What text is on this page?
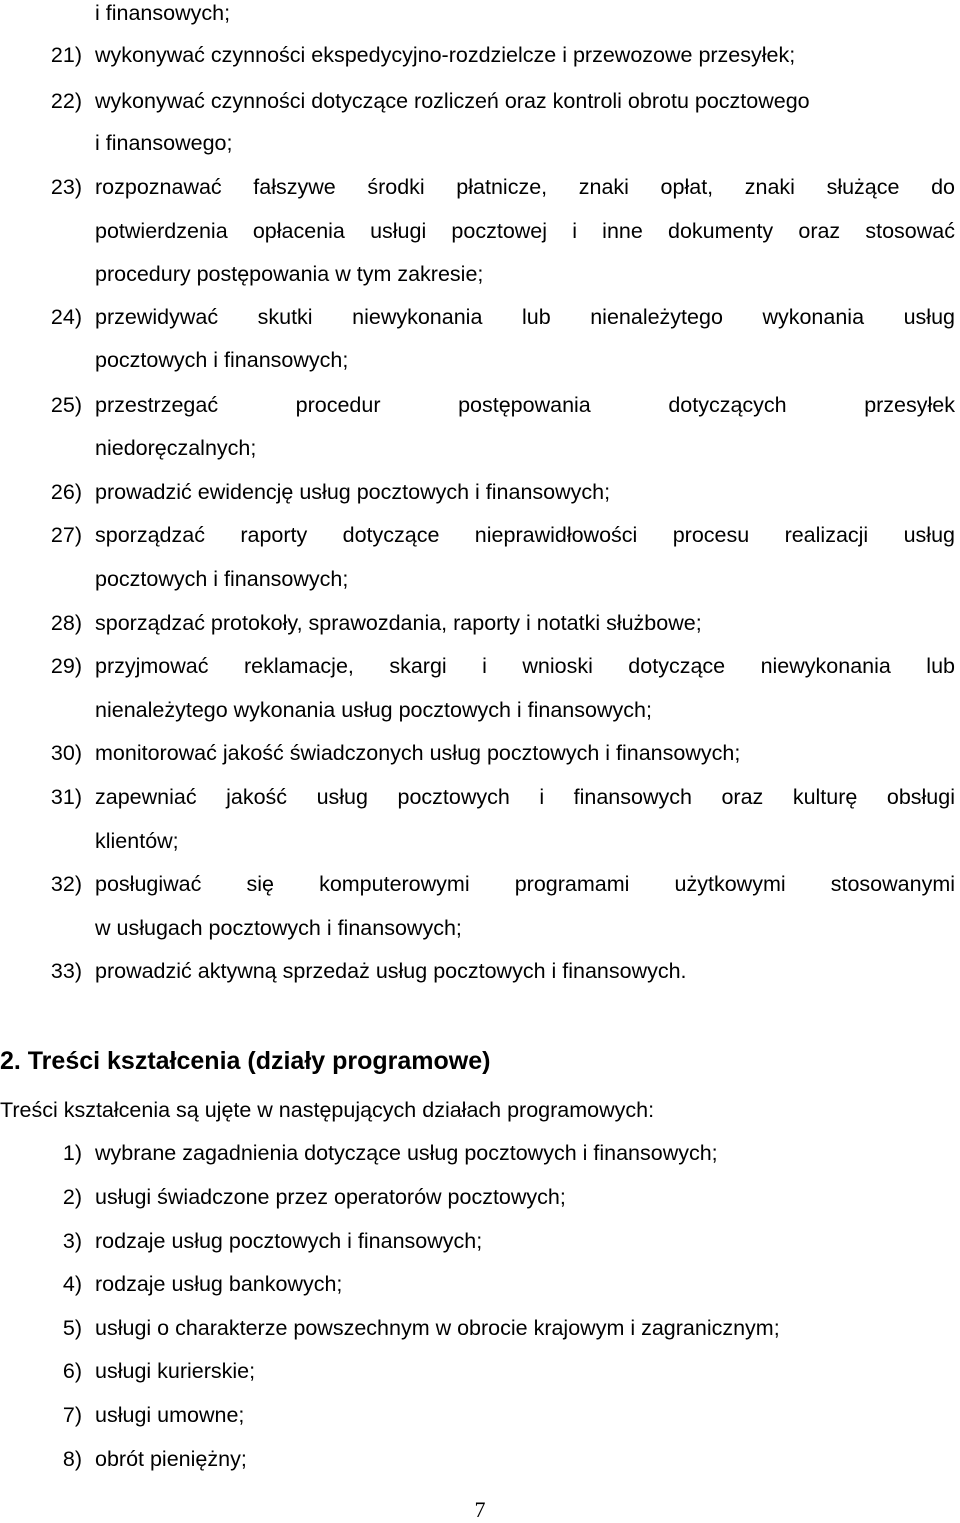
i finansowych;
21) wykonywać czynności ekspedycyjno-rozdzielcze i przewozowe przesyłek;
22) wykonywać czynności dotyczące rozliczeń oraz kontroli obrotu pocztowego
i finansowego;
23) rozpoznawać fałszywe środki płatnicze, znaki opłat, znaki służące do
potwierdzenia opłacenia usługi pocztowej i inne dokumenty oraz stosować
procedury postępowania w tym zakresie;
24) przewidywać skutki niewykonania lub nienależytego wykonania usług
pocztowych i finansowych;
25) przestrzegać procedur postępowania dotyczących przesyłek
niedoręczalnych;
26) prowadzić ewidencję usług pocztowych i finansowych;
27) sporządzać raporty dotyczące nieprawidłowości procesu realizacji usług
pocztowych i finansowych;
28) sporządzać protokoły, sprawozdania, raporty i notatki służbowe;
29) przyjmować reklamacje, skargi i wnioski dotyczące niewykonania lub
nienależytego wykonania usług pocztowych i finansowych;
30) monitorować jakość świadczonych usług pocztowych i finansowych;
31) zapewniać jakość usług pocztowych i finansowych oraz kulturę obsługi
klientów;
32) posługiwać się komputerowymi programami użytkowymi stosowanymi
w usługach pocztowych i finansowych;
33) prowadzić aktywną sprzedaż usług pocztowych i finansowych.
2. Treści kształcenia (działy programowe)
Treści kształcenia są ujęte w następujących działach programowych:
1) wybrane zagadnienia dotyczące usług pocztowych i finansowych;
2) usługi świadczone przez operatorów pocztowych;
3) rodzaje usług pocztowych i finansowych;
4) rodzaje usług bankowych;
5) usługi o charakterze powszechnym w obrocie krajowym i zagranicznym;
6) usługi kurierskie;
7) usługi umowne;
8) obrót pieniężny;
7
